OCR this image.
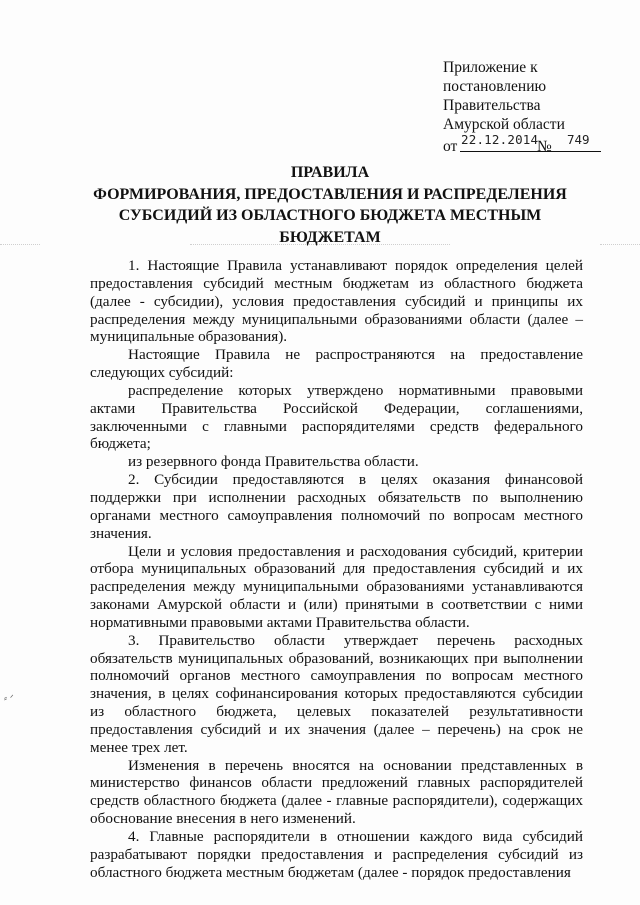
⸗ ᐟ
Приложение к
постановлению
Правительства
Амурской области
от 22.12.2014
№ 749
ПРАВИЛА
ФОРМИРОВАНИЯ, ПРЕДОСТАВЛЕНИЯ И РАСПРЕДЕЛЕНИЯ
СУБСИДИЙ ИЗ ОБЛАСТНОГО БЮДЖЕТА МЕСТНЫМ
БЮДЖЕТАМ

1. Настоящие Правила устанавливают порядок определения целей предоставления субсидий местным бюджетам из областного бюджета (далее - субсидии), условия предоставления субсидий и принципы их распределения между муниципальными образованиями области (далее – муниципальные образования).

Настоящие Правила не распространяются на предоставление следующих субсидий:

распределение которых утверждено нормативными правовыми актами Правительства Российской Федерации, соглашениями, заключенными с главными распорядителями средств федерального бюджета;

из резервного фонда Правительства области.

2. Субсидии предоставляются в целях оказания финансовой поддержки при исполнении расходных обязательств по выполнению органами местного самоуправления полномочий по вопросам местного значения.

Цели и условия предоставления и расходования субсидий, критерии отбора муниципальных образований для предоставления субсидий и их распределения между муниципальными образованиями устанавливаются законами Амурской области и (или) принятыми в соответствии с ними нормативными правовыми актами Правительства области.

3. Правительство области утверждает перечень расходных обязательств муниципальных образований, возникающих при выполнении полномочий органов местного самоуправления по вопросам местного значения, в целях софинансирования которых предоставляются субсидии из областного бюджета, целевых показателей результативности предоставления субсидий и их значения (далее – перечень) на срок не менее трех лет.

Изменения в перечень вносятся на основании представленных в министерство финансов области предложений главных распорядителей средств областного бюджета (далее - главные распорядители), содержащих обоснование внесения в него изменений.

4. Главные распорядители в отношении каждого вида субсидий разрабатывают порядки предоставления и распределения субсидий из областного бюджета местным бюджетам (далее - порядок предоставления
